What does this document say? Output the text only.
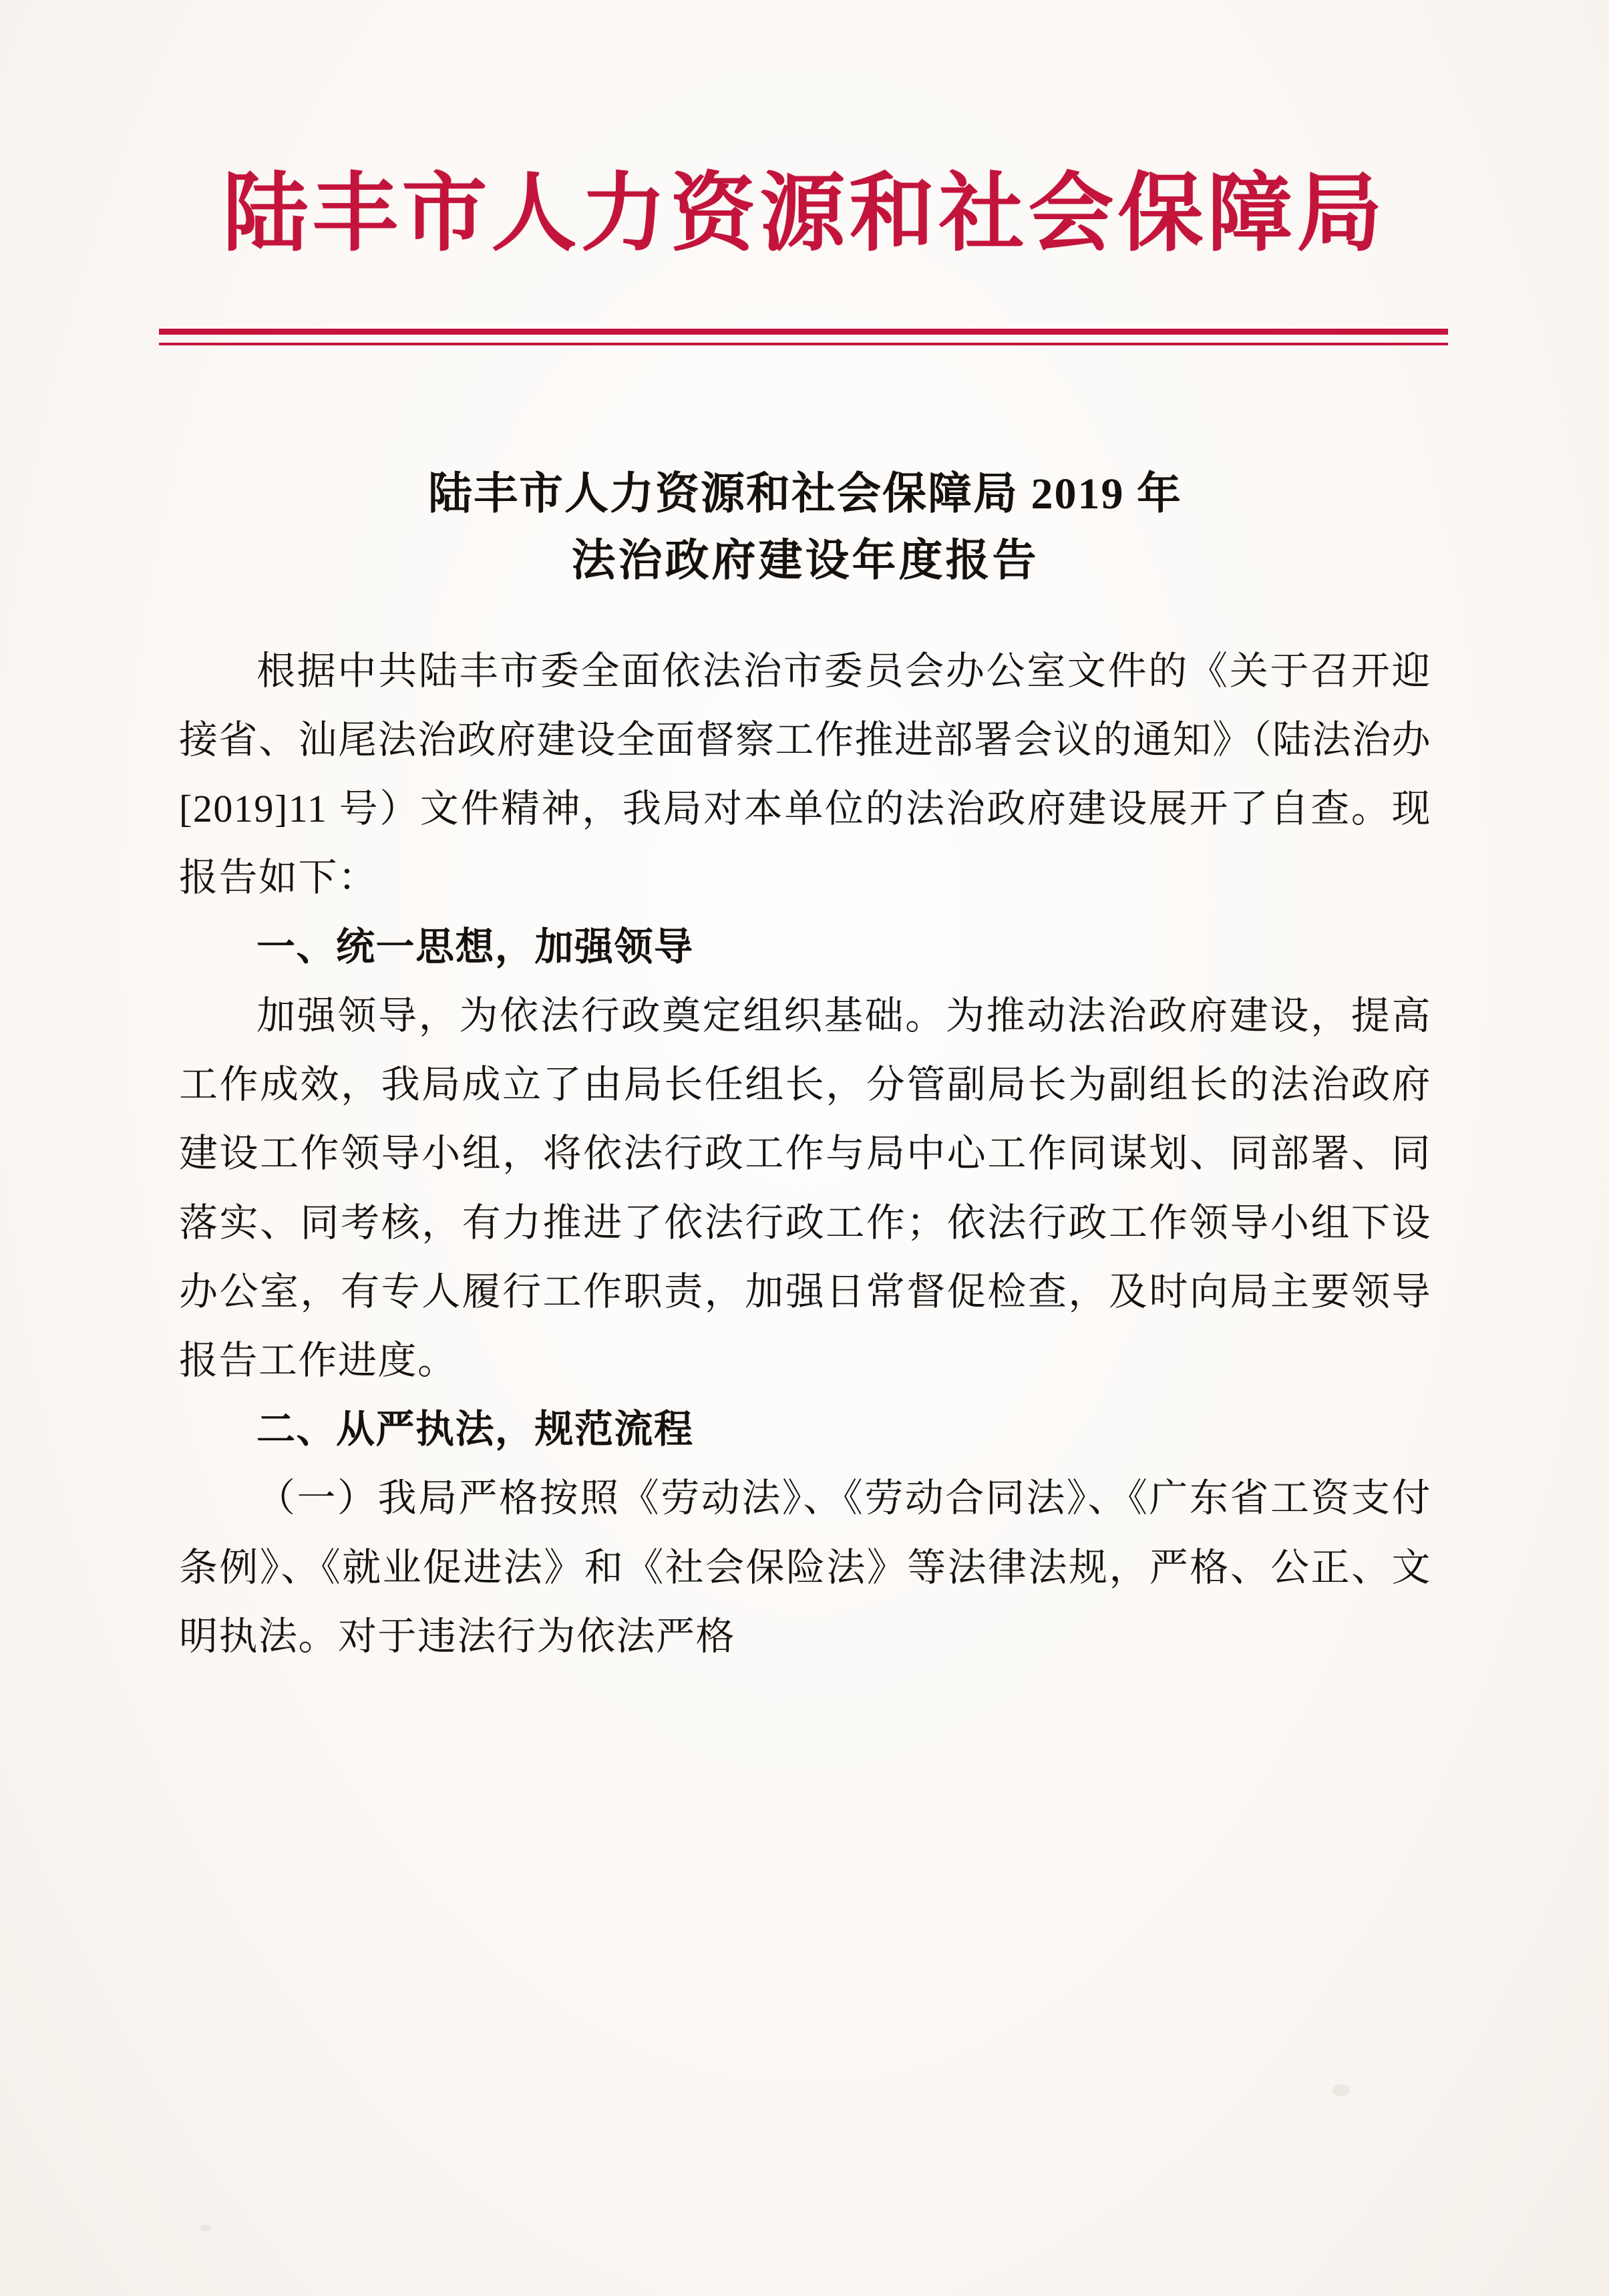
陆丰市人力资源和社会保障局
陆丰市人力资源和社会保障局 2019 年
法治政府建设年度报告

根据中共陆丰市委全面依法治市委员会办公室文件的《关于召开迎接省、汕尾法治政府建设全面督察工作推进部署会议的通知》（陆法治办[2019]11 号）文件精神，我局对本单位的法治政府建设展开了自查。现报告如下：

一、统一思想，加强领导

加强领导，为依法行政奠定组织基础。为推动法治政府建设，提高工作成效，我局成立了由局长任组长，分管副局长为副组长的法治政府建设工作领导小组，将依法行政工作与局中心工作同谋划、同部署、同落实、同考核，有力推进了依法行政工作；依法行政工作领导小组下设办公室，有专人履行工作职责，加强日常督促检查，及时向局主要领导报告工作进度。

二、从严执法，规范流程

（一）我局严格按照《劳动法》、《劳动合同法》、《广东省工资支付条例》、《就业促进法》和《社会保险法》等法律法规，严格、公正、文明执法。对于违法行为依法严格
